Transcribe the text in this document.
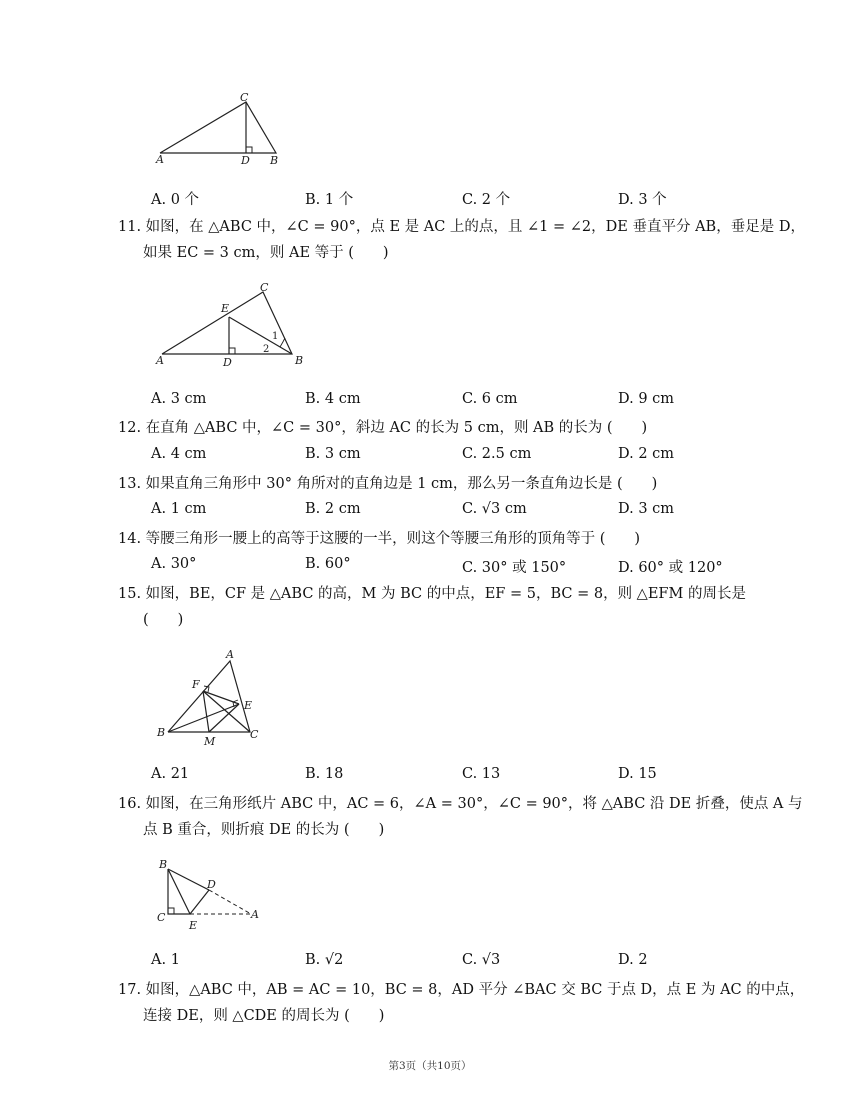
C
A	D B
A. 0 个	B. 1 个	C. 2 个	D. 3 个
11. 如图，在 △ABC 中，∠C = 90°，点 E 是 AC 上的点，且 ∠1 = ∠2，DE 垂直平分 AB，垂足是 D，
如果 EC = 3 cm，则 AE 等于 (　　)
C
E
A	D	B
1
2
A. 3 cm	B. 4 cm	C. 6 cm	D. 9 cm
12. 在直角 △ABC 中，∠C = 30°，斜边 AC 的长为 5 cm，则 AB 的长为 (　　)
A. 4 cm	B. 3 cm	C. 2.5 cm	D. 2 cm
13. 如果直角三角形中 30° 角所对的直角边是 1 cm，那么另一条直角边长是 (　　)
A. 1 cm	B. 2 cm	C. √3 cm	D. 3 cm
14. 等腰三角形一腰上的高等于这腰的一半，则这个等腰三角形的顶角等于 (　　)
A. 30°	B. 60°	C. 30° 或 150°	D. 60° 或 120°
15. 如图，BE，CF 是 △ABC 的高，M 为 BC 的中点，EF = 5，BC = 8，则 △EFM 的周长是
(　　)
A
F
E
B
M
C
A. 21	B. 18	C. 13	D. 15
16. 如图，在三角形纸片 ABC 中，AC = 6，∠A = 30°，∠C = 90°，将 △ABC 沿 DE 折叠，使点 A 与
点 B 重合，则折痕 DE 的长为 (　　)
B
D
C
E
A
A. 1	B. √2	C. √3	D. 2
17. 如图，△ABC 中，AB = AC = 10，BC = 8，AD 平分 ∠BAC 交 BC 于点 D，点 E 为 AC 的中点，
连接 DE，则 △CDE 的周长为 (　　)
第3页（共10页）
